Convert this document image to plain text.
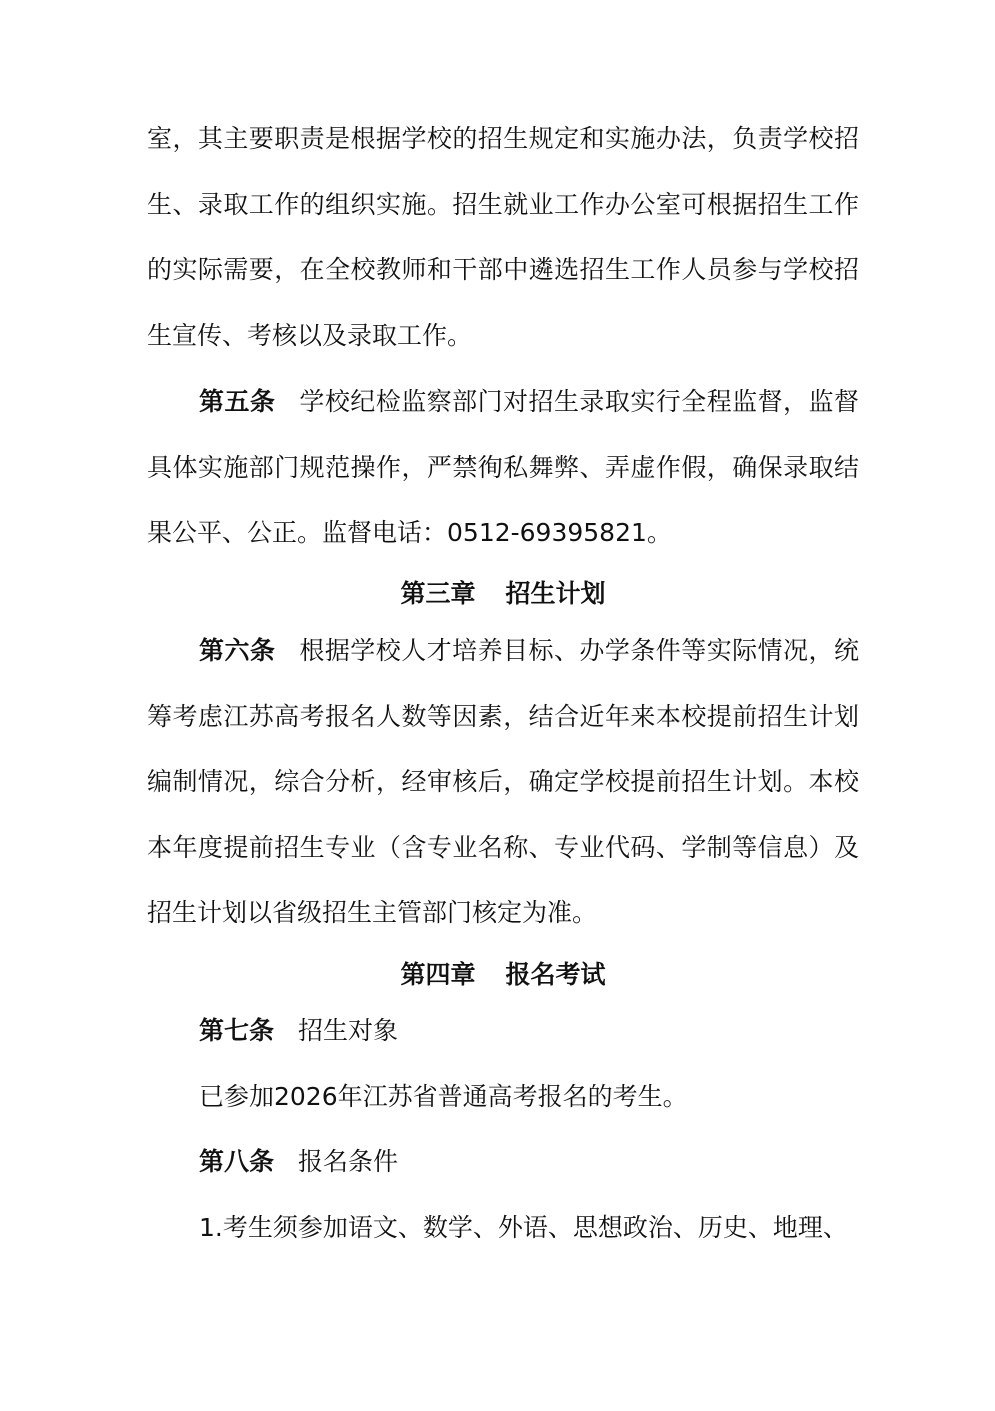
室，其主要职责是根据学校的招生规定和实施办法，负责学校招生、录取工作的组织实施。招生就业工作办公室可根据招生工作的实际需要，在全校教师和干部中遴选招生工作人员参与学校招生宣传、考核以及录取工作。
第五条 学校纪检监察部门对招生录取实行全程监督，监督具体实施部门规范操作，严禁徇私舞弊、弄虚作假，确保录取结果公平、公正。监督电话：0512-69395821。
第三章 招生计划
第六条 根据学校人才培养目标、办学条件等实际情况，统筹考虑江苏高考报名人数等因素，结合近年来本校提前招生计划编制情况，综合分析，经审核后，确定学校提前招生计划。本校本年度提前招生专业（含专业名称、专业代码、学制等信息）及招生计划以省级招生主管部门核定为准。
第四章 报名考试
第七条 招生对象
已参加2026年江苏省普通高考报名的考生。
第八条 报名条件
1.考生须参加语文、数学、外语、思想政治、历史、地理、
